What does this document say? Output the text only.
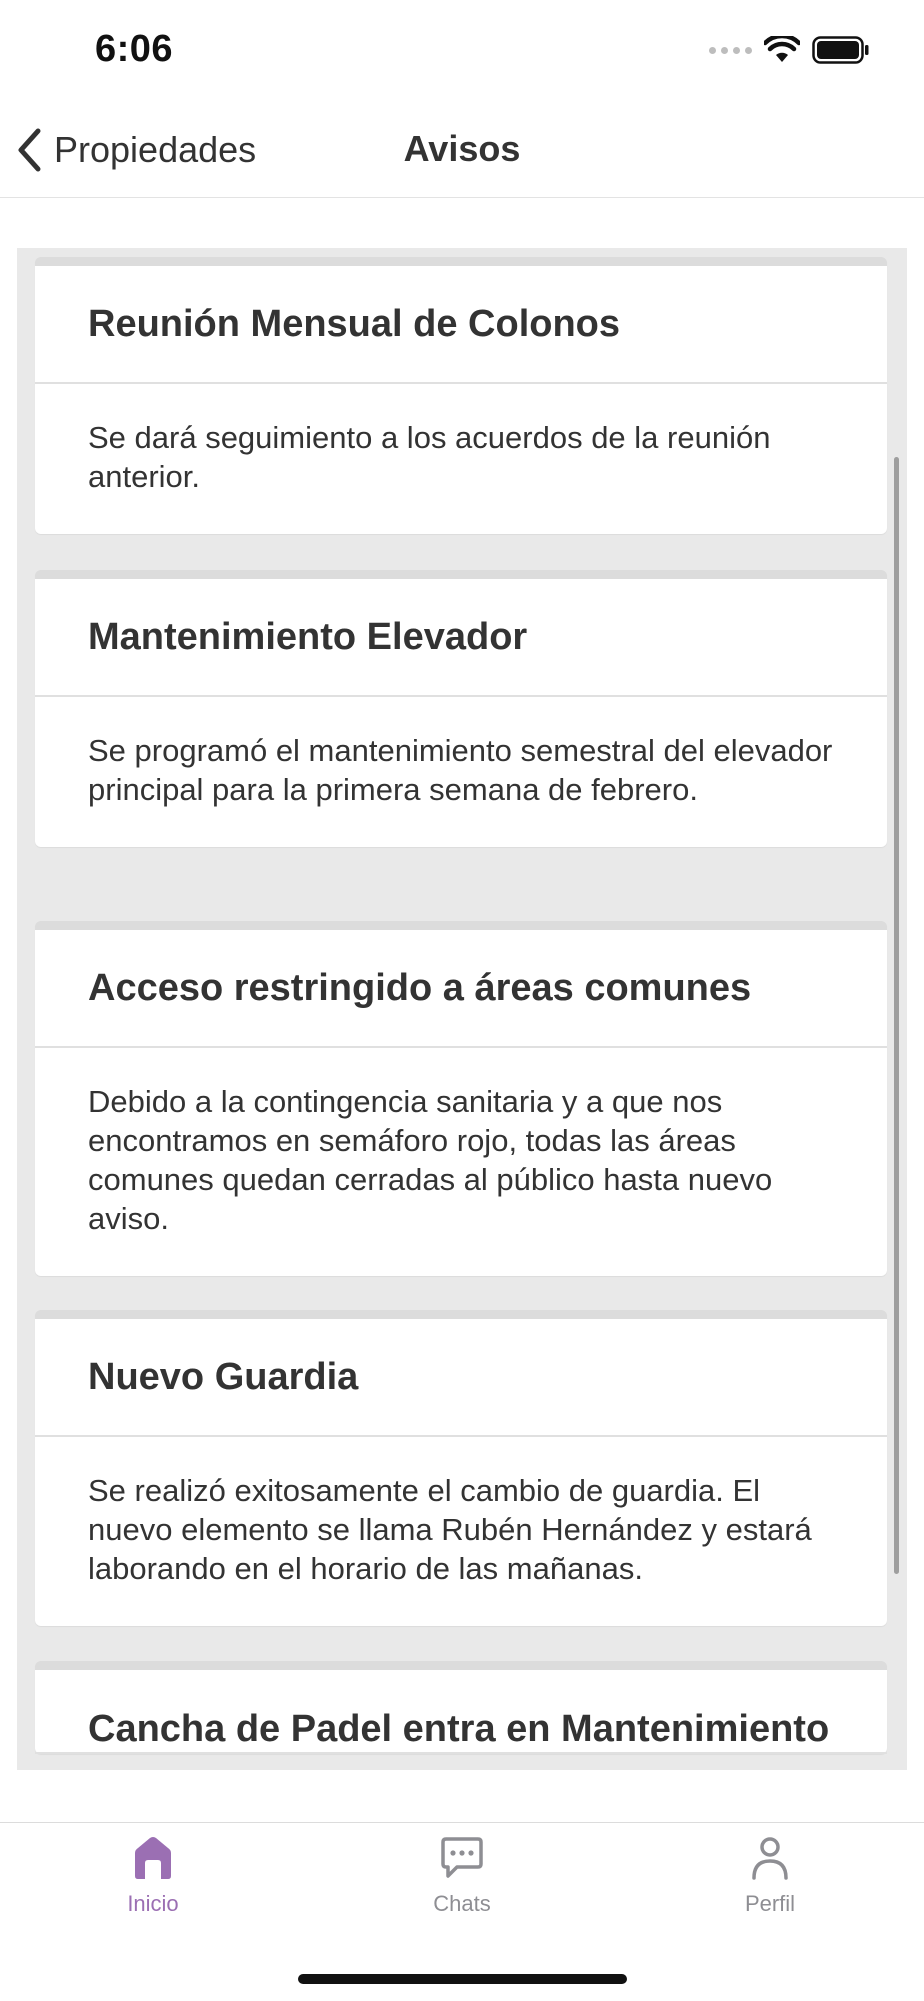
6:06
Avisos
Propiedades
Reunión Mensual de Colonos
Se dará seguimiento a los acuerdos de la reunión anterior.
Mantenimiento Elevador
Se programó el mantenimiento semestral del elevador principal para la primera semana de febrero.
Acceso restringido a áreas comunes
Debido a la contingencia sanitaria y a que nos encontramos en semáforo rojo, todas las áreas comunes quedan cerradas al público hasta nuevo aviso.
Nuevo Guardia
Se realizó exitosamente el cambio de guardia. El nuevo elemento se llama Rubén Hernández y estará laborando en el horario de las mañanas.
Cancha de Padel entra en Mantenimiento
Inicio	Chats	Perfil
